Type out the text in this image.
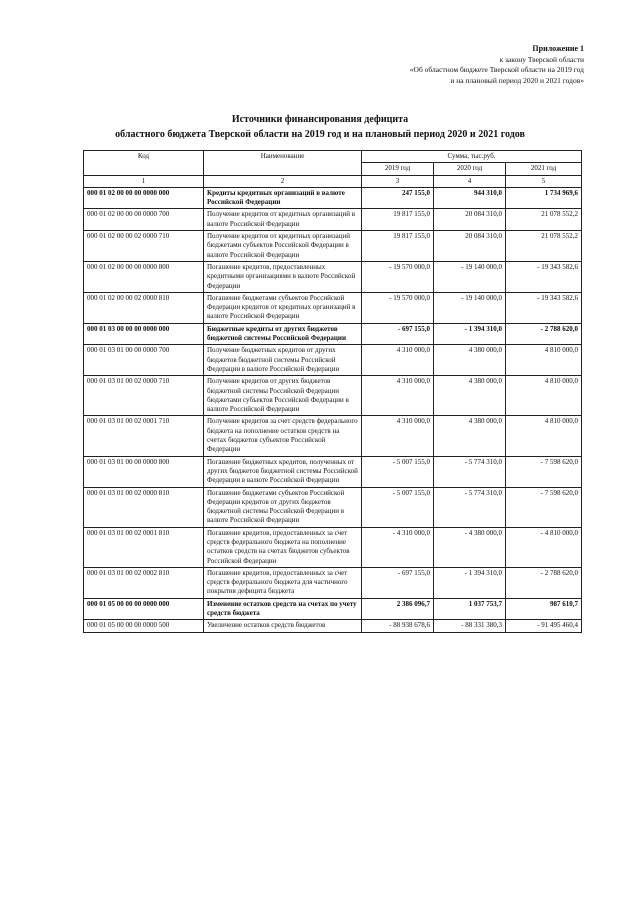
Приложение 1
к закону Тверской области
«Об областном бюджете Тверской области на 2019 год
и на плановый период 2020 и 2021 годов»
Источники финансирования дефицита
областного бюджета Тверской области на 2019 год и на плановый период 2020 и 2021 годов
Код	Наименование	Сумма, тыс.руб.		
		2019 год	2020 год	2021 год
1	2	3	4	5
000 01 02 00 00 00 0000 000	Кредиты кредитных организаций в валюте Российской Федерации	247 155,0	944 310,0	1 734 969,6
000 01 02 00 00 00 0000 700	Получение кредитов от кредитных организаций в валюте Российской Федерации	19 817 155,0	20 084 310,0	21 078 552,2
000 01 02 00 00 02 0000 710	Получение кредитов от кредитных организаций бюджетами субъектов Российской Федерации в валюте Российской Федерации	19 817 155,0	20 084 310,0	21 078 552,2
000 01 02 00 00 00 0000 800	Погашение кредитов, предоставленных кредитными организациями в валюте Российской Федерации	- 19 570 000,0	- 19 140 000,0	- 19 343 582,6
000 01 02 00 00 02 0000 810	Погашение бюджетами субъектов Российской Федерации кредитов от кредитных организаций в валюте Российской Федерации	- 19 570 000,0	- 19 140 000,0	- 19 343 582,6
000 01 03 00 00 00 0000 000	Бюджетные кредиты от других бюджетов бюджетной системы Российской Федерации	- 697 155,0	- 1 394 310,0	- 2 788 620,0
000 01 03 01 00 00 0000 700	Получение бюджетных кредитов от других бюджетов бюджетной системы Российской Федерации в валюте Российской Федерации	4 310 000,0	4 380 000,0	4 810 000,0
000 01 03 01 00 02 0000 710	Получение кредитов от других бюджетов бюджетной системы Российской Федерации бюджетами субъектов Российской Федерации в валюте Российской Федерации	4 310 000,0	4 380 000,0	4 810 000,0
000 01 03 01 00 02 0001 710	Получение кредитов за счет средств федерального бюджета на пополнение остатков средств на счетах бюджетов субъектов Российской Федерации	4 310 000,0	4 380 000,0	4 810 000,0
000 01 03 01 00 00 0000 800	Погашение бюджетных кредитов, полученных от других бюджетов бюджетной системы Российской Федерации в валюте Российской Федерации	- 5 007 155,0	- 5 774 310,0	- 7 598 620,0
000 01 03 01 00 02 0000 810	Погашение бюджетами субъектов Российской Федерации кредитов от других бюджетов бюджетной системы Российской Федерации в валюте Российской Федерации	- 5 007 155,0	- 5 774 310,0	- 7 598 620,0
000 01 03 01 00 02 0001 810	Погашение кредитов, предоставленных за счет средств федерального бюджета на пополнение остатков средств на счетах бюджетов субъектов Российской Федерации	- 4 310 000,0	- 4 380 000,0	- 4 810 000,0
000 01 03 01 00 02 0002 810	Погашение кредитов, предоставленных за счет средств федерального бюджета для частичного покрытия дефицита бюджета	- 697 155,0	- 1 394 310,0	- 2 788 620,0
000 01 05 00 00 00 0000 000	Изменение остатков средств на счетах по учету средств бюджета	2 386 096,7	1 037 753,7	987 610,7
000 01 05 00 00 00 0000 500	Увеличение остатков средств бюджетов	- 88 938 678,6	- 88 331 380,3	- 91 495 460,4
